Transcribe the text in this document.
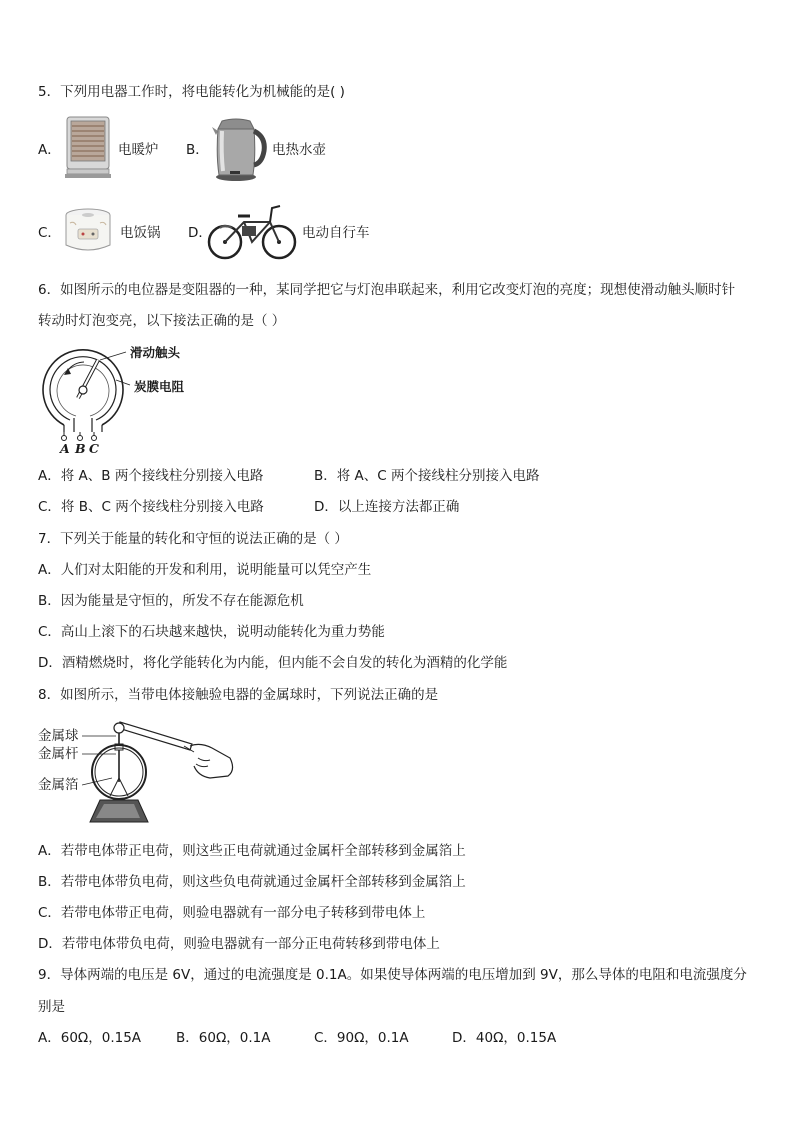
5．下列用电器工作时，将电能转化为机械能的是( )
A．	电暖炉 B．	电热水壶
C．	电饭锅 D．	电动自行车
6．如图所示的电位器是变阻器的一种，某同学把它与灯泡串联起来，利用它改变灯泡的亮度；现想使滑动触头顺时针
转动时灯泡变亮，以下接法正确的是（ ）
滑动触头
炭膜电阻
A B C
A．将 A、B 两个接线柱分别接入电路	B．将 A、C 两个接线柱分别接入电路
C．将 B、C 两个接线柱分别接入电路	D．以上连接方法都正确
7．下列关于能量的转化和守恒的说法正确的是（ ）
A．人们对太阳能的开发和利用，说明能量可以凭空产生
B．因为能量是守恒的，所发不存在能源危机
C．高山上滚下的石块越来越快，说明动能转化为重力势能
D．酒精燃烧时，将化学能转化为内能，但内能不会自发的转化为酒精的化学能
8．如图所示，当带电体接触验电器的金属球时，下列说法正确的是
金属球
金属杆
金属箔
A．若带电体带正电荷，则这些正电荷就通过金属杆全部转移到金属箔上
B．若带电体带负电荷，则这些负电荷就通过金属杆全部转移到金属箔上
C．若带电体带正电荷，则验电器就有一部分电子转移到带电体上
D．若带电体带负电荷，则验电器就有一部分正电荷转移到带电体上
9．导体两端的电压是 6V，通过的电流强度是 0.1A。如果使导体两端的电压增加到 9V，那么导体的电阻和电流强度分
别是
A．60Ω，0.15A	B．60Ω，0.1A	C．90Ω，0.1A	D．40Ω，0.15A
